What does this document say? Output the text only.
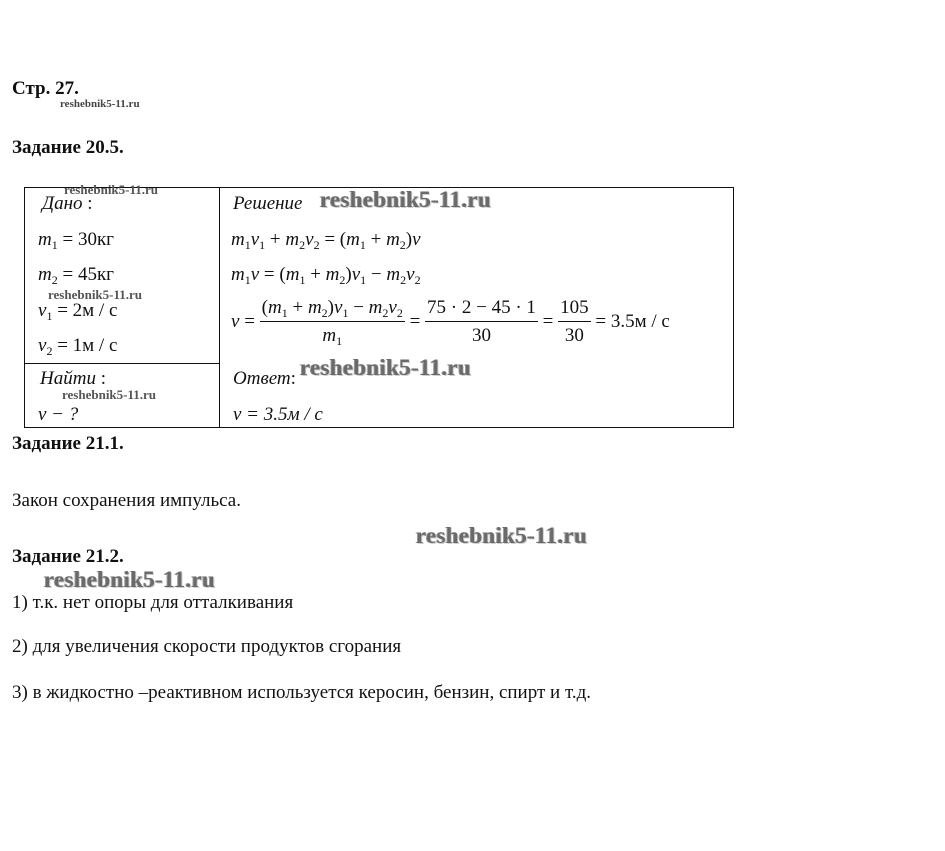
Стр. 27.
reshebnik5-11.ru
Задание 20.5.
reshebnik5-11.ru
Дано :
$m_1 = 30кг$
$m_2 = 45кг$
reshebnik5-11.ru
$v_1 = 2м / с$
$v_2 = 1м / с$
Найти :
reshebnik5-11.ru
v − ?
Решение reshebnik5-11.ru
$m_1v_1 + m_2v_2 = (m_1 + m_2)v$
$m_1v = (m_1 + m_2)v_1 - m_2v_2$
$v = \frac{(m_1 + m_2)v_1 - m_2v_2}{m_1} = \frac{75 \cdot 2 - 45 \cdot 1}{30} = \frac{105}{30} = 3.5м / с$
Ответ: reshebnik5-11.ru
v = 3.5м / с
Задание 21.1.
Закон сохранения импульса.
reshebnik5-11.ru
Задание 21.2.
reshebnik5-11.ru
1) т.к. нет опоры для отталкивания
2) для увеличения скорости продуктов сгорания
3) в жидкостно –реактивном используется керосин, бензин, спирт и т.д.
